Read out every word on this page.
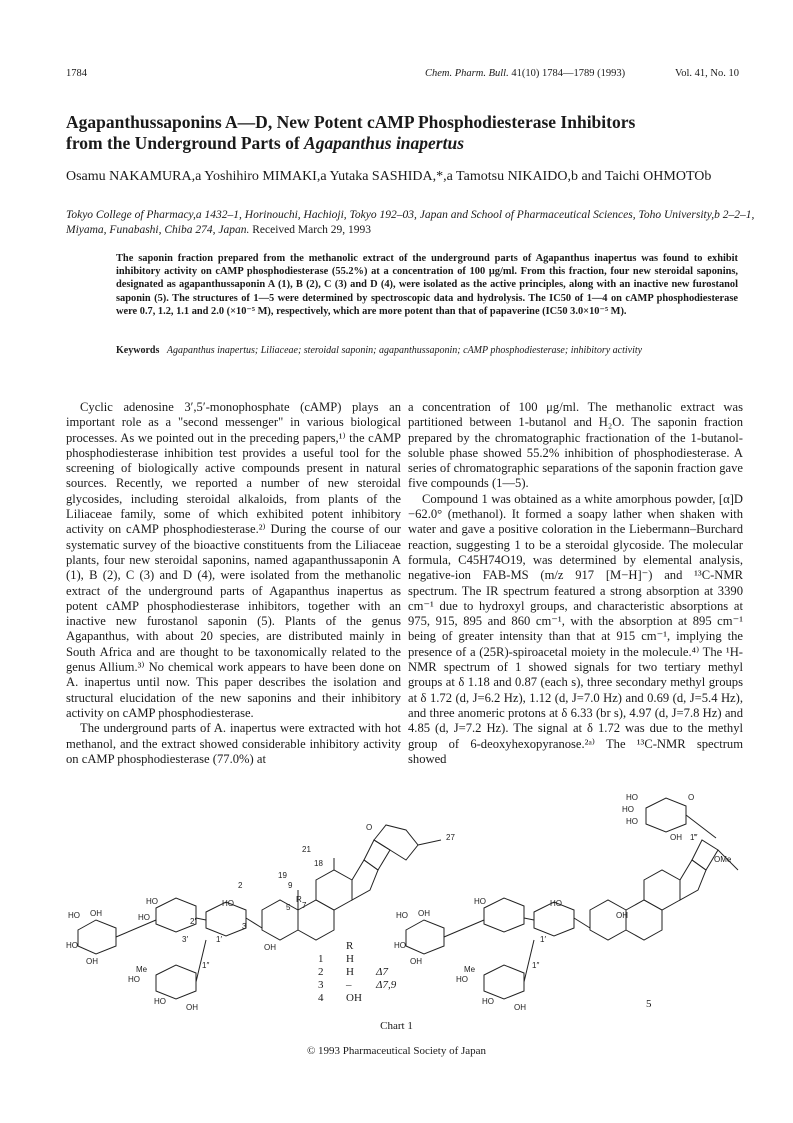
1784	Chem. Pharm. Bull. 41(10) 1784—1789 (1993)	Vol. 41, No. 10
Agapanthussaponins A—D, New Potent cAMP Phosphodiesterase Inhibitors
from the Underground Parts of Agapanthus inapertus
Osamu NAKAMURA,a Yoshihiro MIMAKI,a Yutaka SASHIDA,*,a Tamotsu NIKAIDO,b and Taichi OHMOTOb
Tokyo College of Pharmacy,a 1432–1, Horinouchi, Hachioji, Tokyo 192–03, Japan and School of Pharmaceutical Sciences, Toho University,b 2–2–1, Miyama, Funabashi, Chiba 274, Japan. Received March 29, 1993
The saponin fraction prepared from the methanolic extract of the underground parts of Agapanthus inapertus was found to exhibit inhibitory activity on cAMP phosphodiesterase (55.2%) at a concentration of 100 μg/ml. From this fraction, four new steroidal saponins, designated as agapanthussaponin A (1), B (2), C (3) and D (4), were isolated as the active principles, along with an inactive new furostanol saponin (5). The structures of 1—5 were determined by spectroscopic data and hydrolysis. The IC50 of 1—4 on cAMP phosphodiesterase were 0.7, 1.2, 1.1 and 2.0 (×10⁻⁵ M), respectively, which are more potent than that of papaverine (IC50 3.0×10⁻⁵ M).
Keywords Agapanthus inapertus; Liliaceae; steroidal saponin; agapanthussaponin; cAMP phosphodiesterase; inhibitory activity

Cyclic adenosine 3′,5′-monophosphate (cAMP) plays an important role as a "second messenger" in various biological processes. As we pointed out in the preceding papers,¹⁾ the cAMP phosphodiesterase inhibition test provides a useful tool for the screening of biologically active compounds present in natural sources. Recently, we reported a number of new steroidal glycosides, including steroidal alkaloids, from plants of the Liliaceae family, some of which exhibited potent inhibitory activity on cAMP phosphodiesterase.²⁾ During the course of our systematic survey of the bioactive constituents from the Liliaceae plants, four new steroidal saponins, named agapanthussaponin A (1), B (2), C (3) and D (4), were isolated from the methanolic extract of the underground parts of Agapanthus inapertus as potent cAMP phosphodiesterase inhibitors, together with an inactive new furostanol saponin (5). Plants of the genus Agapanthus, with about 20 species, are distributed mainly in South Africa and are thought to be taxonomically related to the genus Allium.³⁾ No chemical work appears to have been done on A. inapertus until now. This paper describes the isolation and structural elucidation of the new saponins and their inhibitory activity on cAMP phosphodiesterase.

The underground parts of A. inapertus were extracted with hot methanol, and the extract showed considerable inhibitory activity on cAMP phosphodiesterase (77.0%) at

a concentration of 100 μg/ml. The methanolic extract was partitioned between 1-butanol and H₂O. The saponin fraction prepared by the chromatographic fractionation of the 1-butanol-soluble phase showed 55.2% inhibition of phosphodiesterase. A series of chromatographic separations of the saponin fraction gave five compounds (1—5).

Compound 1 was obtained as a white amorphous powder, [α]D −62.0° (methanol). It formed a soapy lather when shaken with water and gave a positive coloration in the Liebermann–Burchard reaction, suggesting 1 to be a steroidal glycoside. The molecular formula, C45H74O19, was determined by elemental analysis, negative-ion FAB-MS (m/z 917 [M−H]⁻) and ¹³C-NMR spectrum. The IR spectrum featured a strong absorption at 3390 cm⁻¹ due to hydroxyl groups, and characteristic absorptions at 975, 915, 895 and 860 cm⁻¹, with the absorption at 895 cm⁻¹ being of greater intensity than that at 915 cm⁻¹, implying the presence of a (25R)-spiroacetal moiety in the molecule.⁴⁾ The ¹H-NMR spectrum of 1 showed signals for two tertiary methyl groups at δ 1.18 and 0.87 (each s), three secondary methyl groups at δ 1.72 (d, J=6.2 Hz), 1.12 (d, J=7.0 Hz) and 0.69 (d, J=5.4 Hz), and three anomeric protons at δ 6.33 (br s), 4.97 (d, J=7.8 Hz) and 4.85 (d, J=7.2 Hz). The signal at δ 1.72 was due to the methyl group of 6-deoxyhexopyranose.²ᵃ⁾ The ¹³C-NMR spectrum showed

HO OH
HO
OH
HO
HO
3′
2′
1′
1″
Me
HO
HO
OH
HO
3
2
OH
19
9
5 7
R
21
18
27
O
HO OH
HO
OH
HO
1′
1″
Me
HO
HO
OH
HO
OH
HO
HO
HO
OH 1‴
O
OMe
R
1 H
2 H Δ7
3 – Δ7,9
4 OH	5
Chart 1
© 1993 Pharmaceutical Society of Japan
